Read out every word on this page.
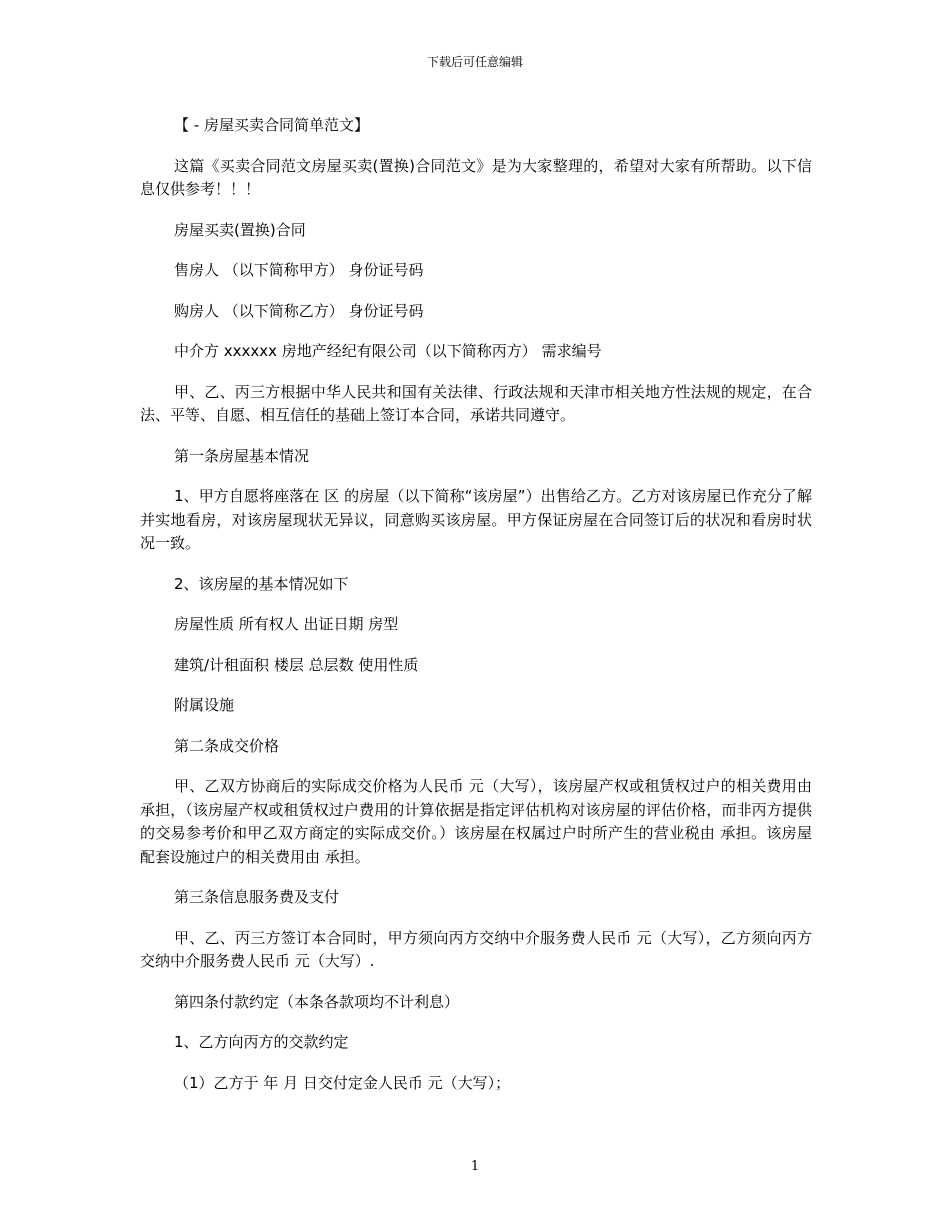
下载后可任意编辑

【 - 房屋买卖合同简单范文】

这篇《买卖合同范文房屋买卖(置换)合同范文》是为大家整理的，希望对大家有所帮助。以下信息仅供参考！！！

房屋买卖(置换)合同

售房人 （以下简称甲方） 身份证号码

购房人 （以下简称乙方） 身份证号码

中介方 xxxxxx 房地产经纪有限公司（以下简称丙方） 需求编号

甲、乙、丙三方根据中华人民共和国有关法律、行政法规和天津市相关地方性法规的规定，在合法、平等、自愿、相互信任的基础上签订本合同，承诺共同遵守。

第一条房屋基本情况

1、甲方自愿将座落在 区 的房屋（以下简称“该房屋”）出售给乙方。乙方对该房屋已作充分了解并实地看房，对该房屋现状无异议，同意购买该房屋。甲方保证房屋在合同签订后的状况和看房时状况一致。

2、该房屋的基本情况如下

房屋性质 所有权人 出证日期 房型

建筑/计租面积 楼层 总层数 使用性质

附属设施

第二条成交价格

甲、乙双方协商后的实际成交价格为人民币 元（大写），该房屋产权或租赁权过户的相关费用由 承担，（该房屋产权或租赁权过户费用的计算依据是指定评估机构对该房屋的评估价格，而非丙方提供的交易参考价和甲乙双方商定的实际成交价。）该房屋在权属过户时所产生的营业税由 承担。该房屋配套设施过户的相关费用由 承担。

第三条信息服务费及支付

甲、乙、丙三方签订本合同时，甲方须向丙方交纳中介服务费人民币 元（大写），乙方须向丙方交纳中介服务费人民币 元（大写）.

第四条付款约定（本条各款项均不计利息）

1、乙方向丙方的交款约定

（1）乙方于 年 月 日交付定金人民币 元（大写）；

1
